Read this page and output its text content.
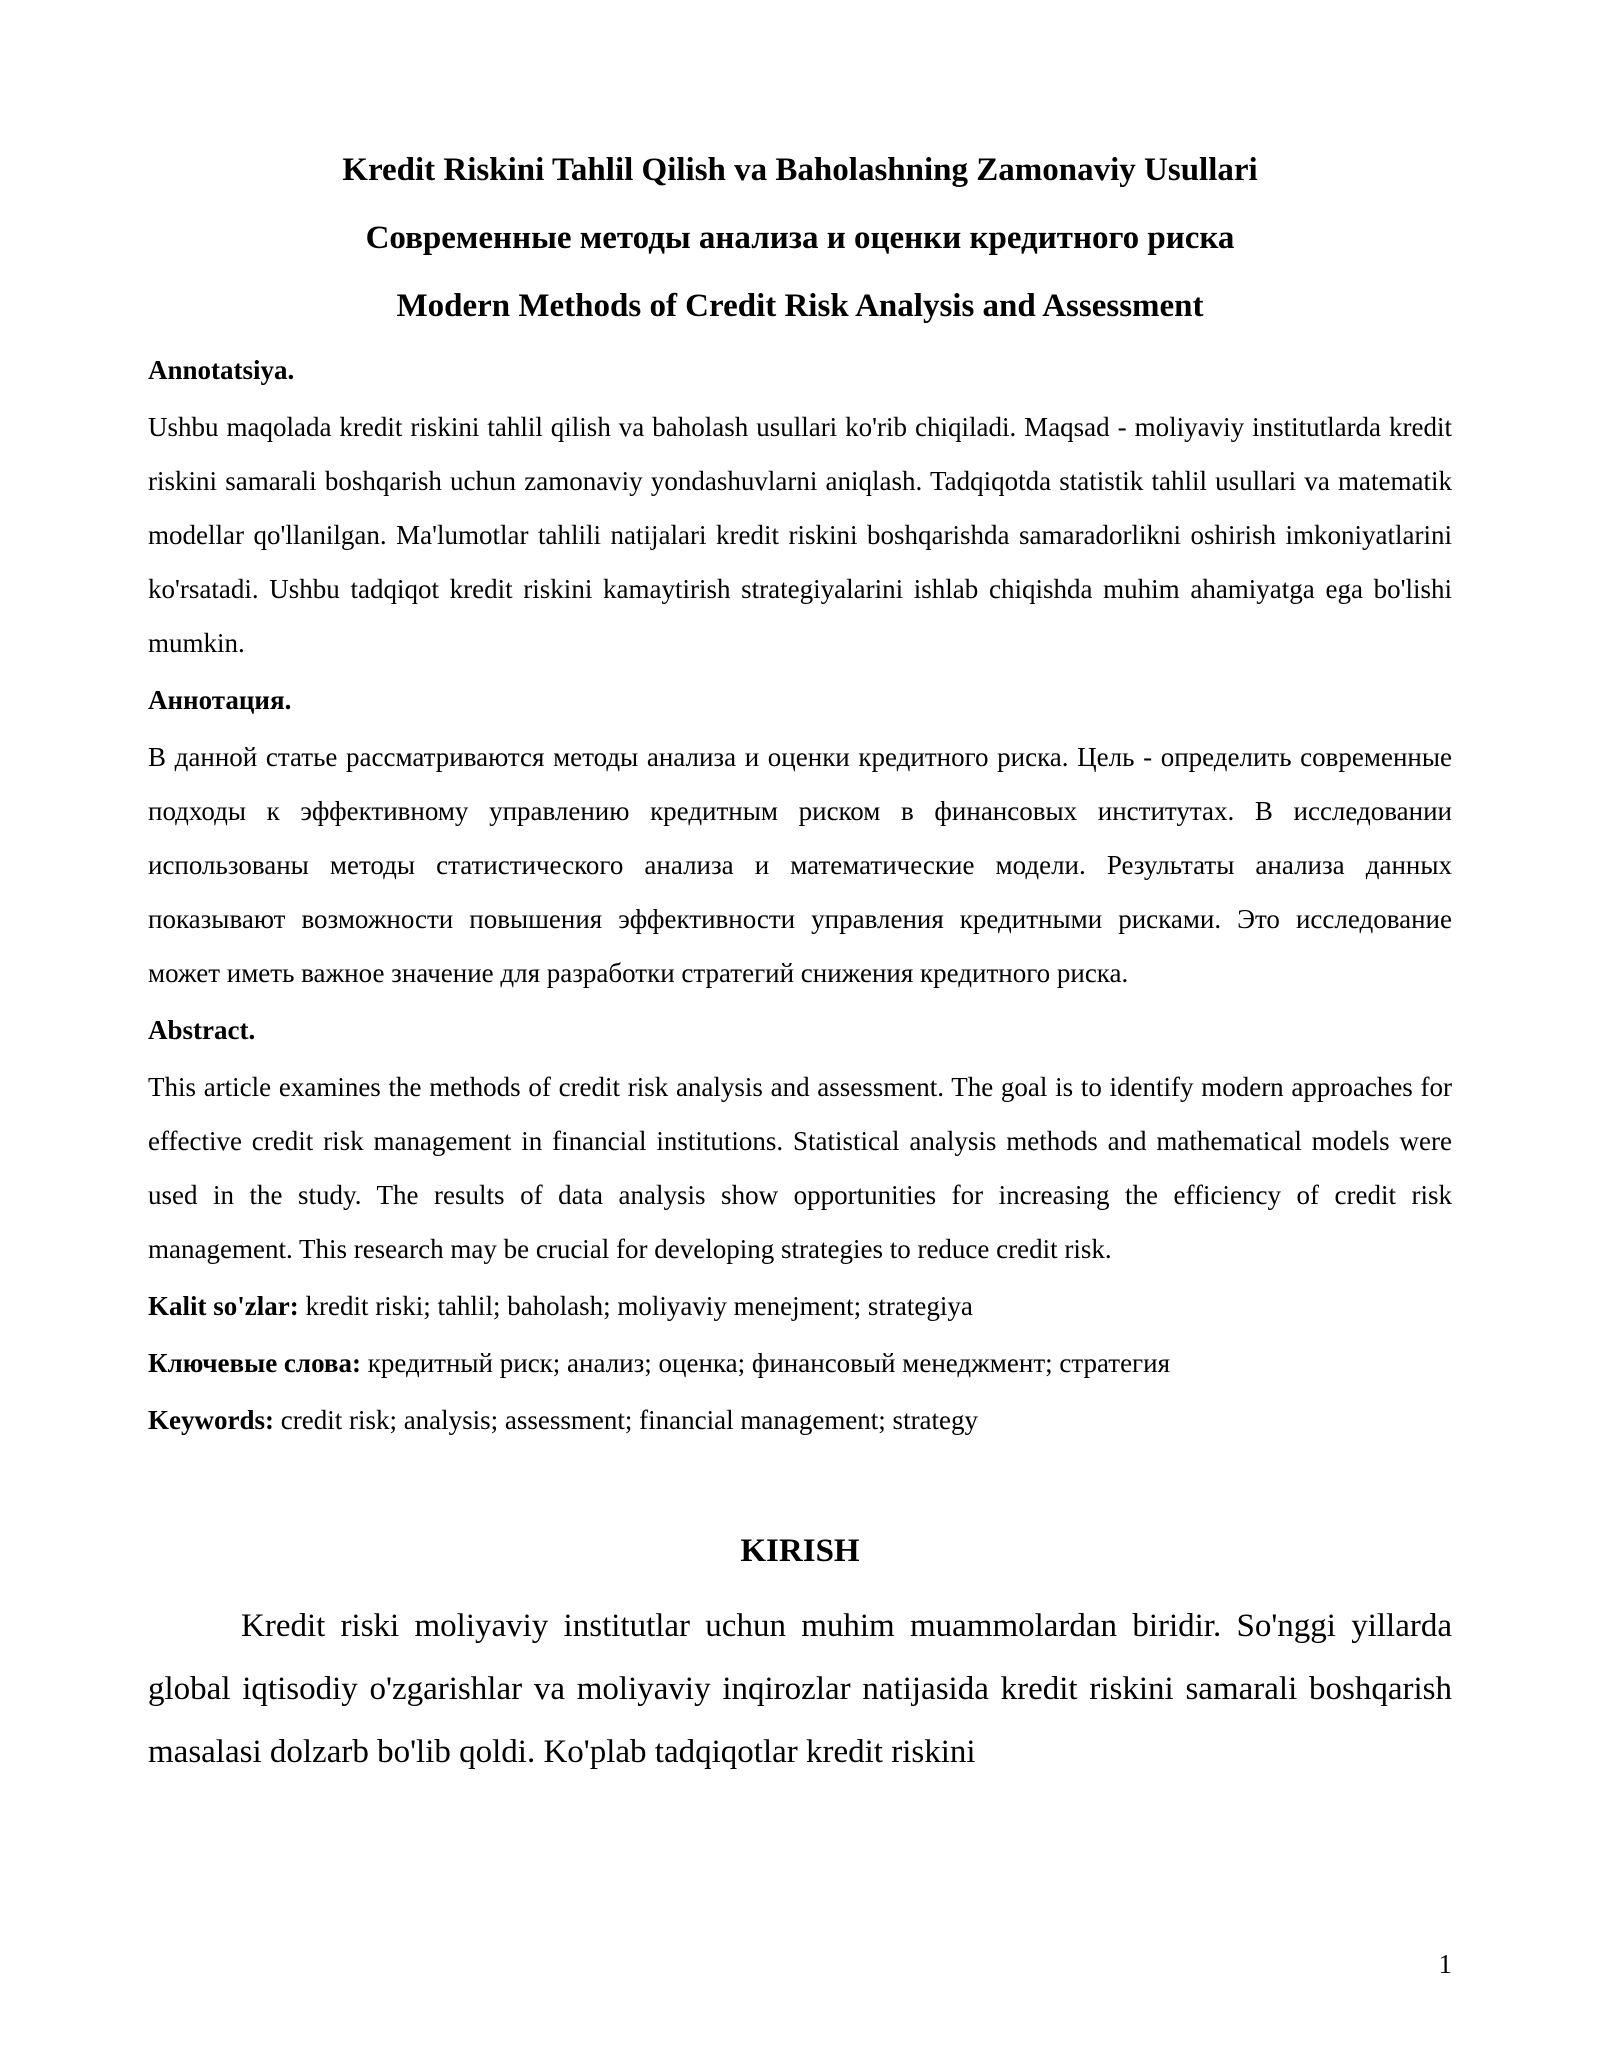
Kredit Riskini Tahlil Qilish va Baholashning Zamonaviy Usullari
Современные методы анализа и оценки кредитного риска
Modern Methods of Credit Risk Analysis and Assessment
Annotatsiya.

Ushbu maqolada kredit riskini tahlil qilish va baholash usullari ko'rib chiqiladi. Maqsad - moliyaviy institutlarda kredit riskini samarali boshqarish uchun zamonaviy yondashuvlarni aniqlash. Tadqiqotda statistik tahlil usullari va matematik modellar qo'llanilgan. Ma'lumotlar tahlili natijalari kredit riskini boshqarishda samaradorlikni oshirish imkoniyatlarini ko'rsatadi. Ushbu tadqiqot kredit riskini kamaytirish strategiyalarini ishlab chiqishda muhim ahamiyatga ega bo'lishi mumkin.

Аннотация.

В данной статье рассматриваются методы анализа и оценки кредитного риска. Цель - определить современные подходы к эффективному управлению кредитным риском в финансовых институтах. В исследовании использованы методы статистического анализа и математические модели. Результаты анализа данных показывают возможности повышения эффективности управления кредитными рисками. Это исследование может иметь важное значение для разработки стратегий снижения кредитного риска.

Abstract.

This article examines the methods of credit risk analysis and assessment. The goal is to identify modern approaches for effective credit risk management in financial institutions. Statistical analysis methods and mathematical models were used in the study. The results of data analysis show opportunities for increasing the efficiency of credit risk management. This research may be crucial for developing strategies to reduce credit risk.

Kalit so'zlar: kredit riski; tahlil; baholash; moliyaviy menejment; strategiya
Ключевые слова: кредитный риск; анализ; оценка; финансовый менеджмент; стратегия
Keywords: credit risk; analysis; assessment; financial management; strategy
KIRISH

Kredit riski moliyaviy institutlar uchun muhim muammolardan biridir. So'nggi yillarda global iqtisodiy o'zgarishlar va moliyaviy inqirozlar natijasida kredit riskini samarali boshqarish masalasi dolzarb bo'lib qoldi. Ko'plab tadqiqotlar kredit riskini

1
